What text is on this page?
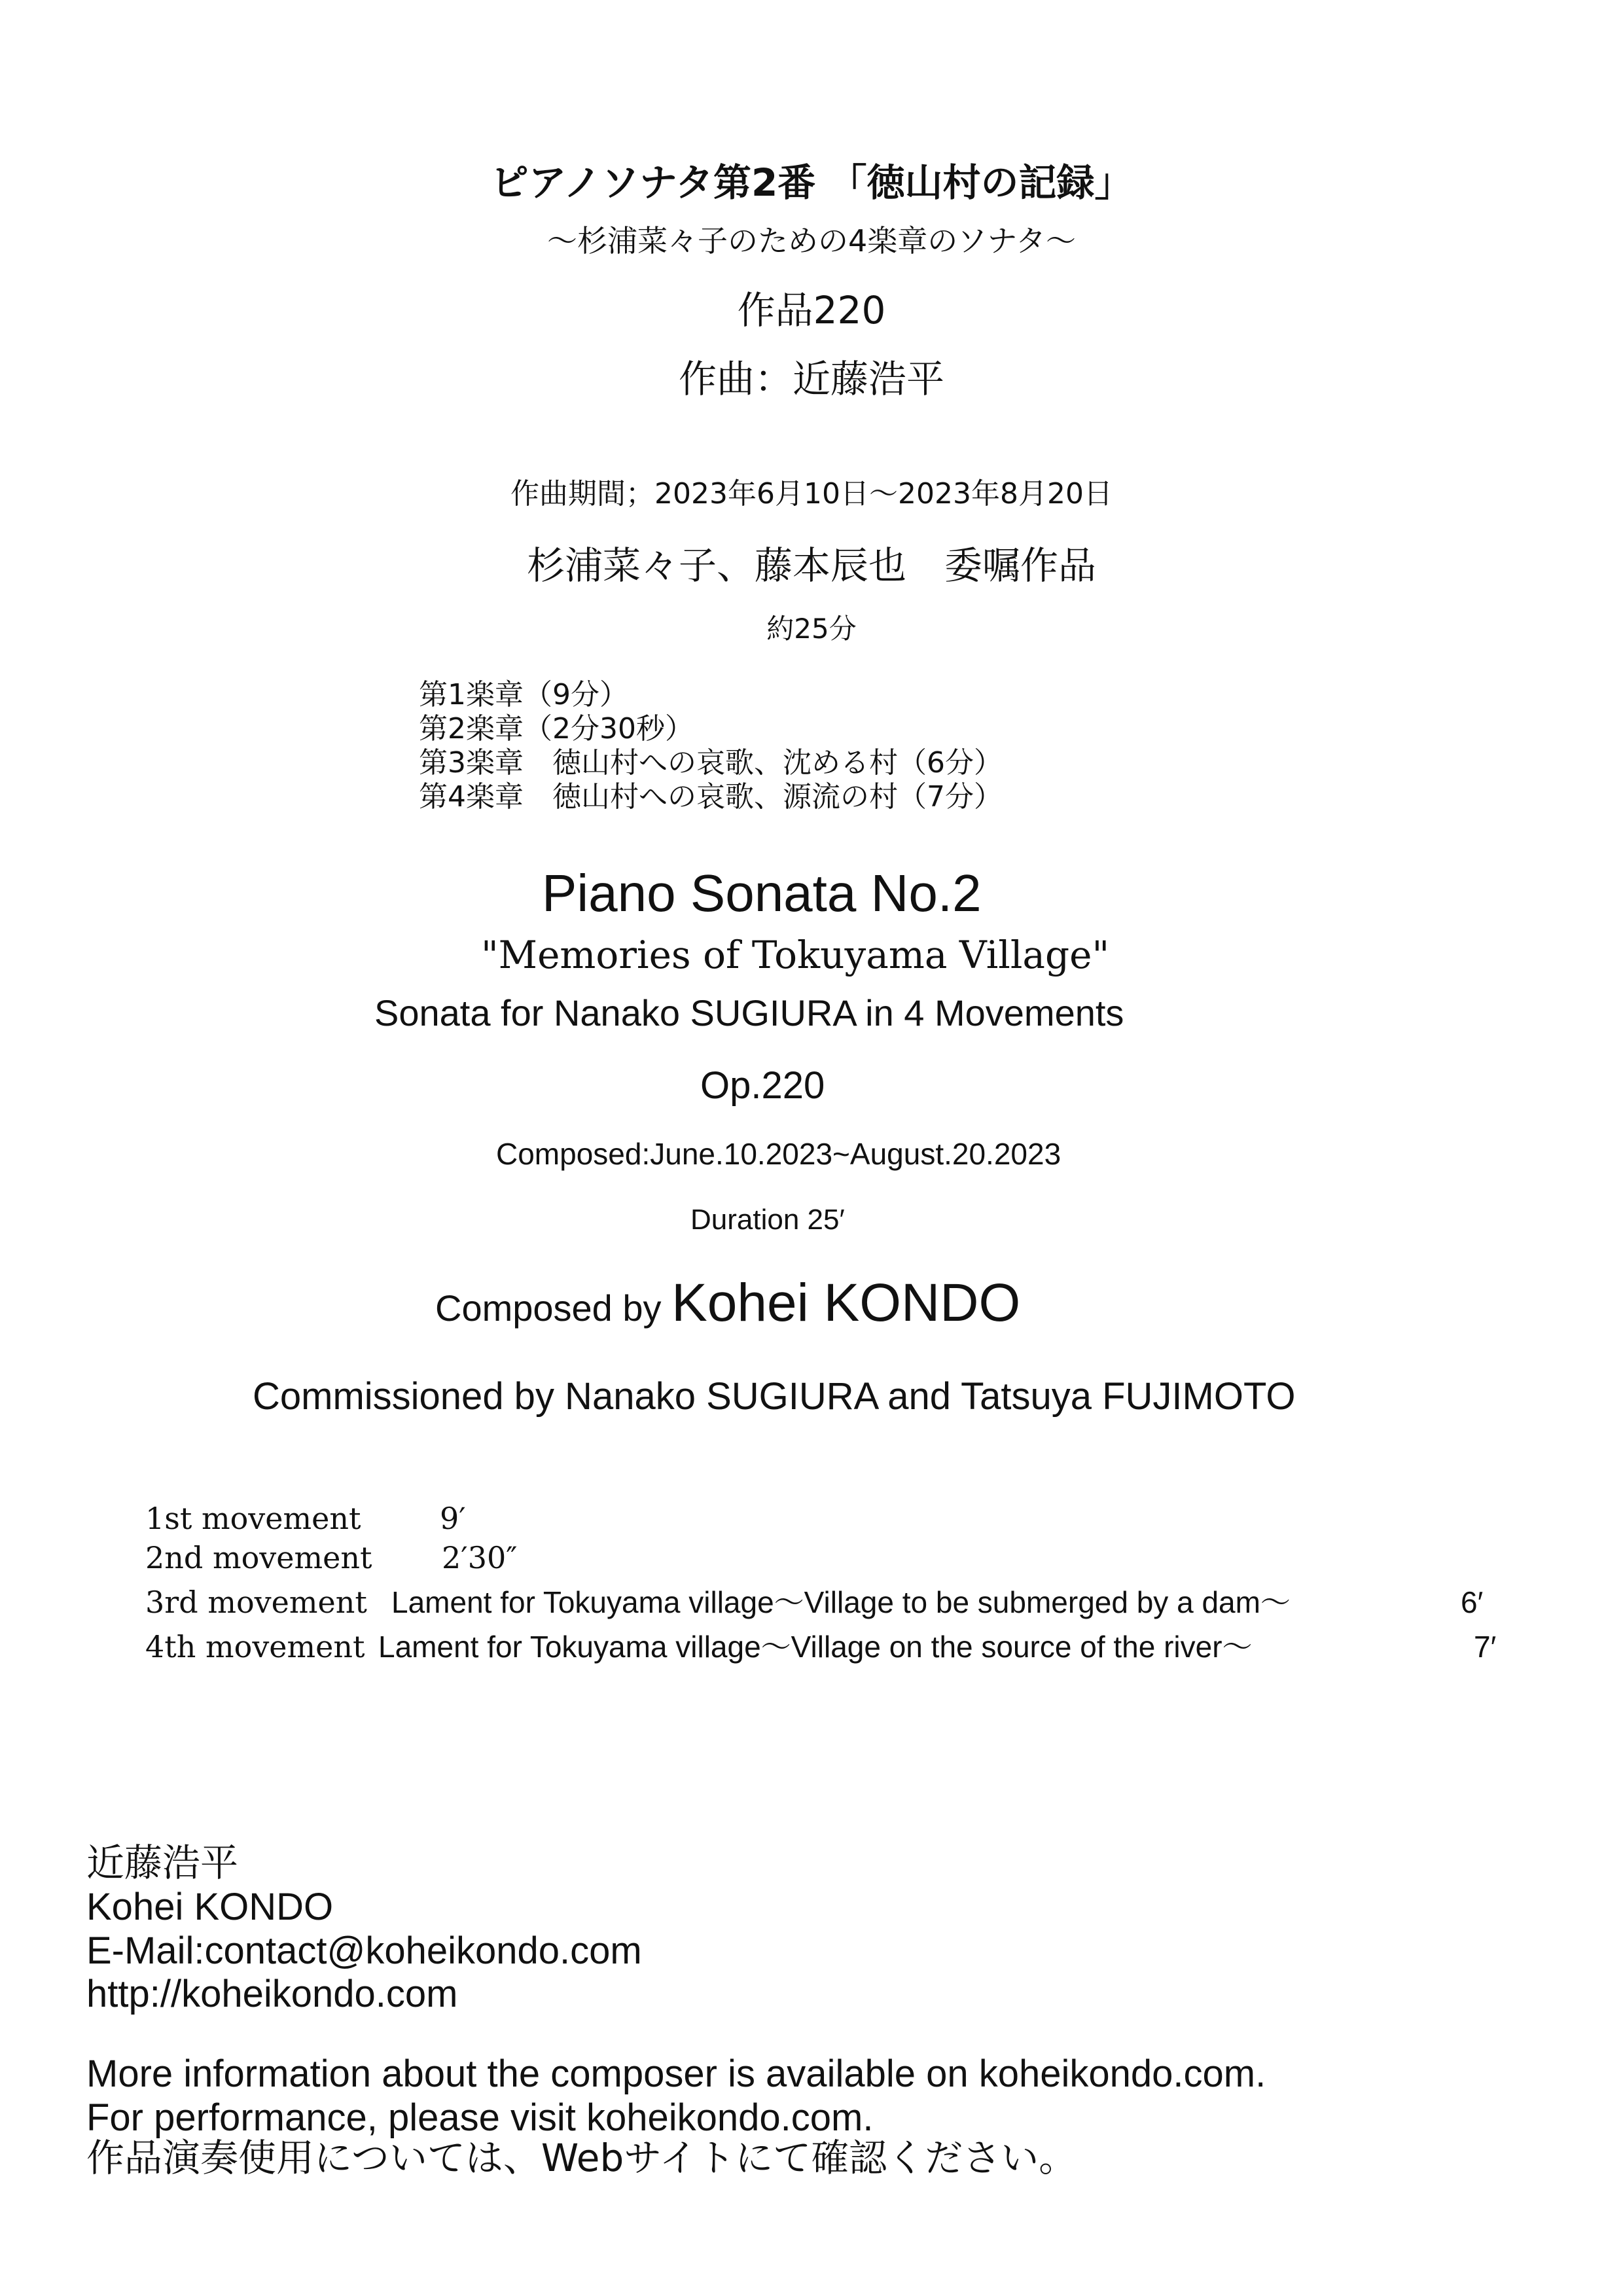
ピアノソナタ第2番 「徳山村の記録」
～杉浦菜々子のための4楽章のソナタ～
作品220
作曲：近藤浩平
作曲期間；2023年6月10日～2023年8月20日
杉浦菜々子、藤本辰也　委嘱作品
約25分
第1楽章（9分）
第2楽章（2分30秒）
第3楽章　徳山村への哀歌、沈める村（6分）
第4楽章　徳山村への哀歌、源流の村（7分）
Piano Sonata No.2
"Memories of Tokuyama Village"
Sonata for Nanako SUGIURA in 4 Movements
Op.220
Composed:June.10.2023~August.20.2023
Duration 25′
Composed by Kohei KONDO
Commissioned by Nanako SUGIURA and Tatsuya FUJIMOTO
1st movement	9′
2nd movement 2′30″
3rd movement Lament for Tokuyama village～Village to be submerged by a dam～	6′
4th movement Lament for Tokuyama village～Village on the source of the river～	7′
近藤浩平
Kohei KONDO
E-Mail:contact@koheikondo.com
http://koheikondo.com
More information about the composer is available on koheikondo.com.
For performance, please visit koheikondo.com.
作品演奏使用については、Webサイトにて確認ください。
